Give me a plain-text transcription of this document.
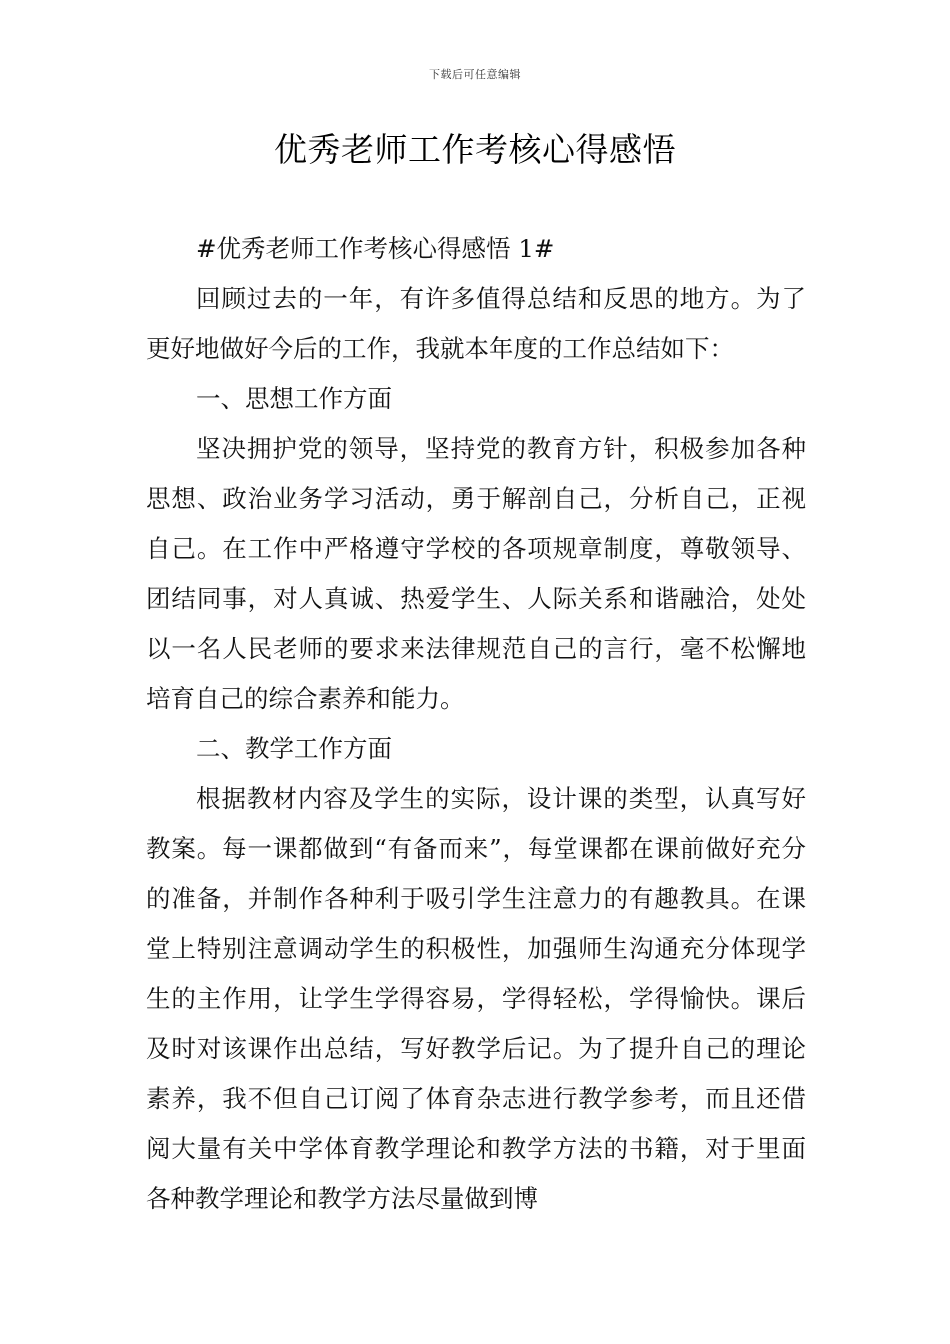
下载后可任意编辑
优秀老师工作考核心得感悟

#优秀老师工作考核心得感悟 1#

回顾过去的一年，有许多值得总结和反思的地方。为了更好地做好今后的工作，我就本年度的工作总结如下：

一、思想工作方面

坚决拥护党的领导，坚持党的教育方针，积极参加各种思想、政治业务学习活动，勇于解剖自己，分析自己，正视自己。在工作中严格遵守学校的各项规章制度，尊敬领导、团结同事，对人真诚、热爱学生、人际关系和谐融洽，处处以一名人民老师的要求来法律规范自己的言行，毫不松懈地培育自己的综合素养和能力。

二、教学工作方面

根据教材内容及学生的实际，设计课的类型，认真写好教案。每一课都做到“有备而来”，每堂课都在课前做好充分的准备，并制作各种利于吸引学生注意力的有趣教具。在课堂上特别注意调动学生的积极性，加强师生沟通充分体现学生的主作用，让学生学得容易，学得轻松，学得愉快。课后及时对该课作出总结，写好教学后记。为了提升自己的理论素养，我不但自己订阅了体育杂志进行教学参考，而且还借阅大量有关中学体育教学理论和教学方法的书籍，对于里面各种教学理论和教学方法尽量做到博
